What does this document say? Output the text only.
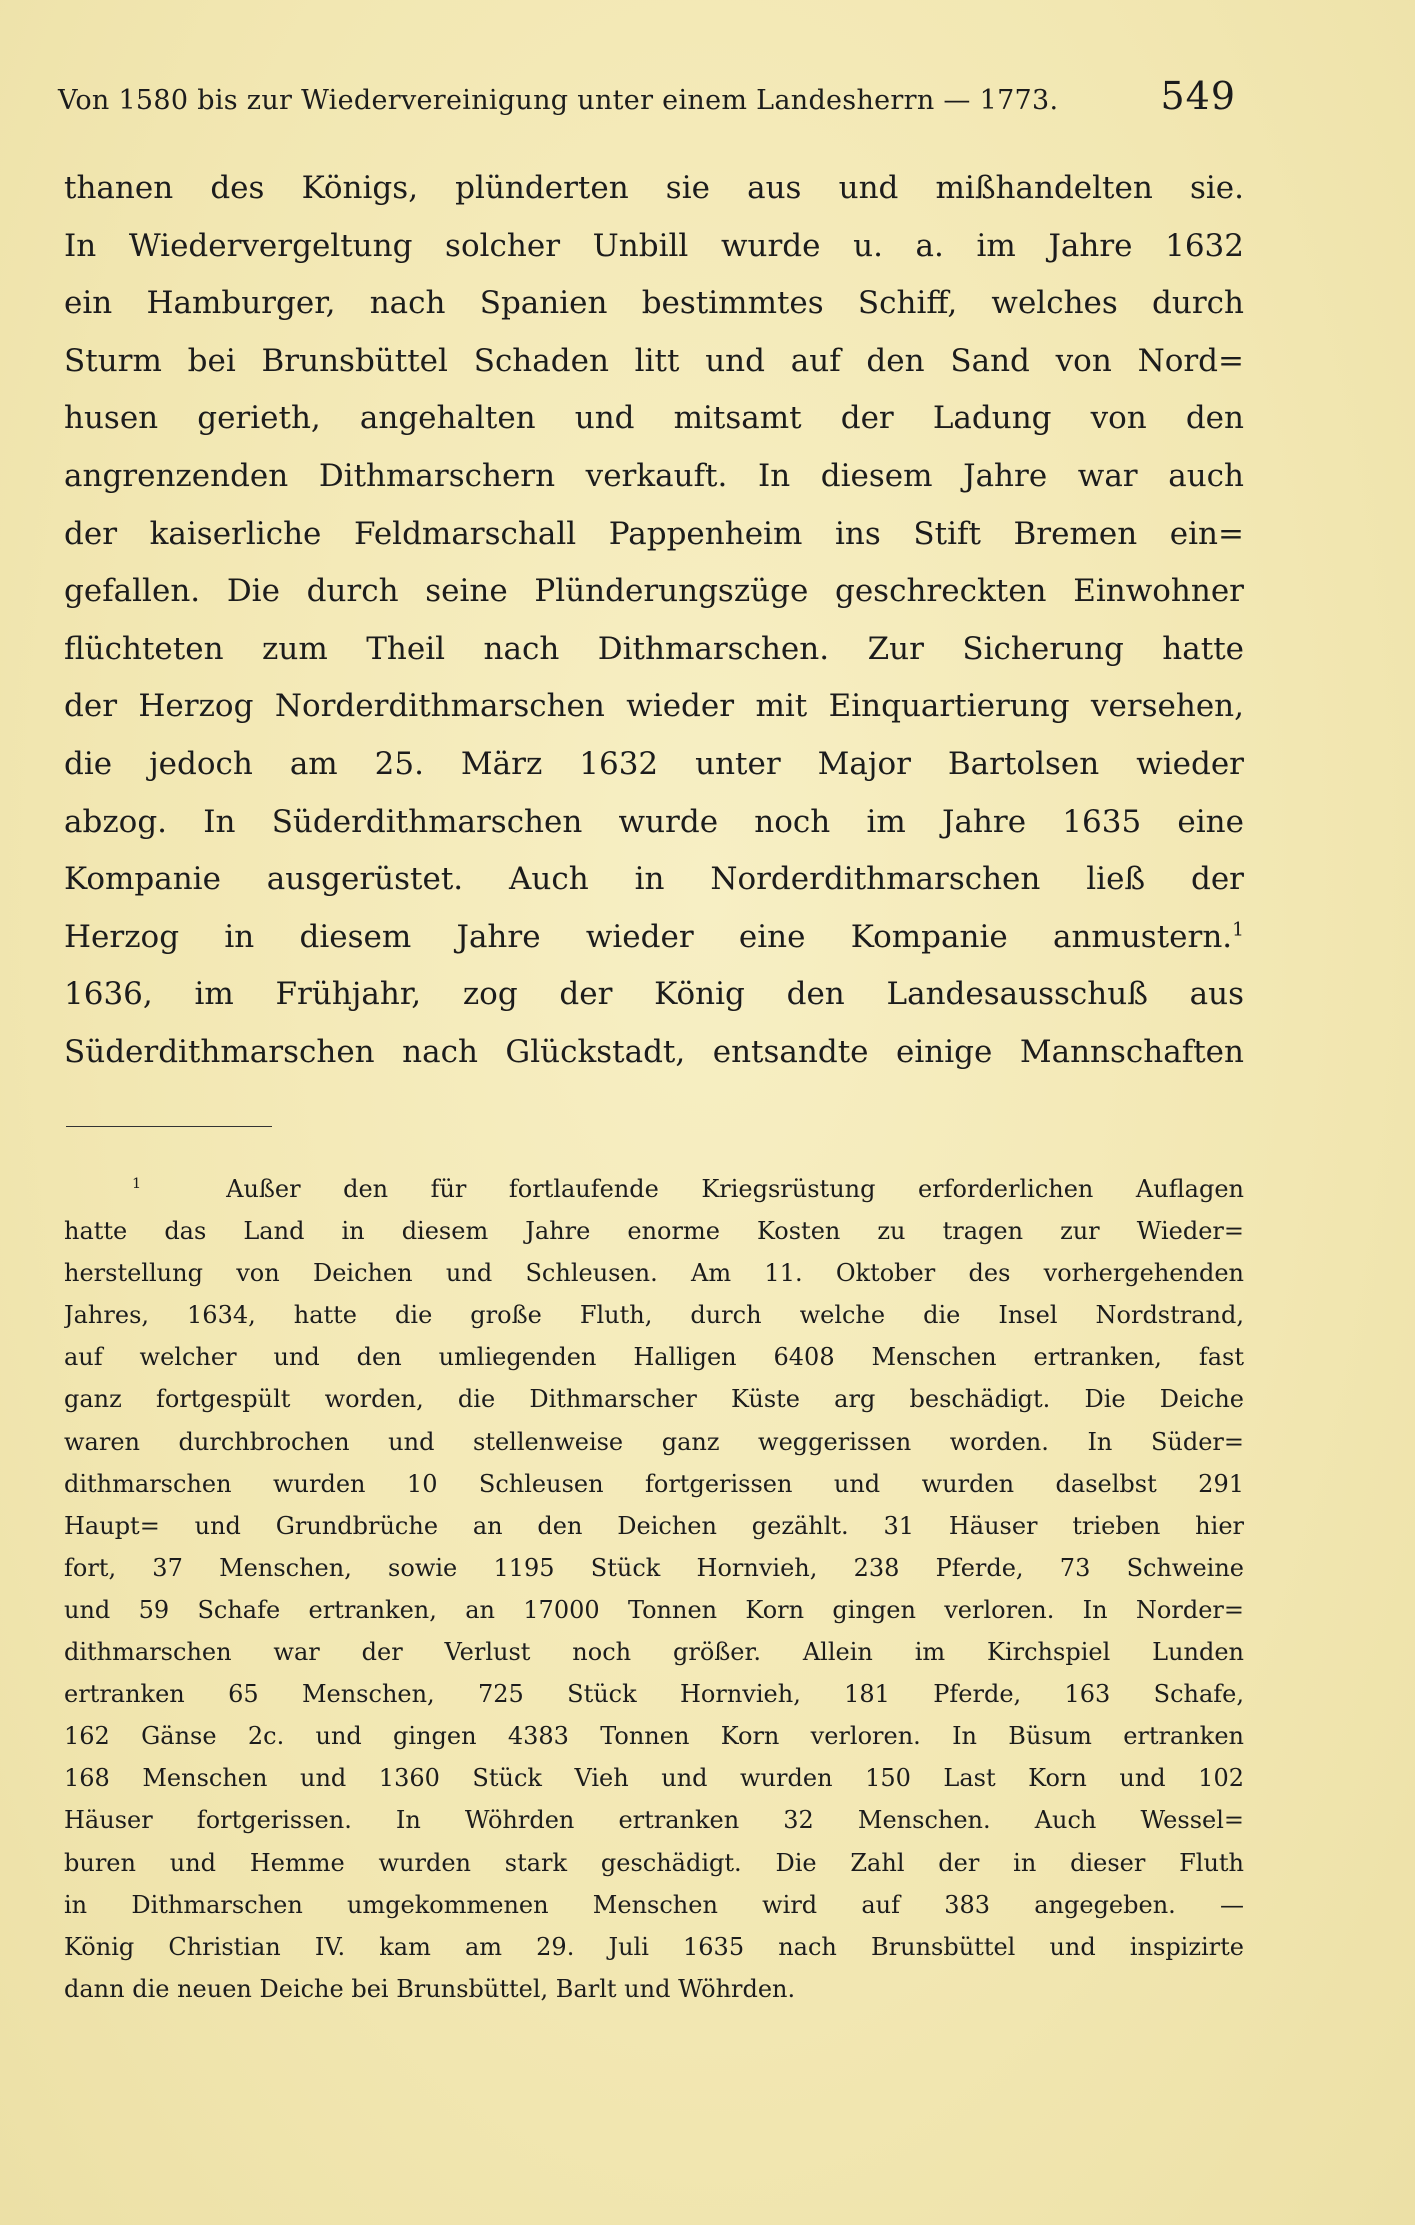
Von 1580 bis zur Wiedervereinigung unter einem Landesherrn — 1773.	549
thanen des Königs, plünderten sie aus und mißhandelten sie.
In Wiedervergeltung solcher Unbill wurde u. a. im Jahre 1632
ein Hamburger, nach Spanien bestimmtes Schiff, welches durch
Sturm bei Brunsbüttel Schaden litt und auf den Sand von Nord=
husen gerieth, angehalten und mitsamt der Ladung von den
angrenzenden Dithmarschern verkauft. In diesem Jahre war auch
der kaiserliche Feldmarschall Pappenheim ins Stift Bremen ein=
gefallen. Die durch seine Plünderungszüge geschreckten Einwohner
flüchteten zum Theil nach Dithmarschen. Zur Sicherung hatte
der Herzog Norderdithmarschen wieder mit Einquartierung versehen,
die jedoch am 25. März 1632 unter Major Bartolsen wieder
abzog. In Süderdithmarschen wurde noch im Jahre 1635 eine
Kompanie ausgerüstet. Auch in Norderdithmarschen ließ der
Herzog in diesem Jahre wieder eine Kompanie anmustern.$^1$
1636, im Frühjahr, zog der König den Landesausschuß aus
Süderdithmarschen nach Glückstadt, entsandte einige Mannschaften
$^1$	Außer den für fortlaufende Kriegsrüstung erforderlichen Auflagen
hatte das Land in diesem Jahre enorme Kosten zu tragen zur Wieder=
herstellung von Deichen und Schleusen. Am 11. Oktober des vorhergehenden
Jahres, 1634, hatte die große Fluth, durch welche die Insel Nordstrand,
auf welcher und den umliegenden Halligen 6408 Menschen ertranken, fast
ganz fortgespült worden, die Dithmarscher Küste arg beschädigt. Die Deiche
waren durchbrochen und stellenweise ganz weggerissen worden. In Süder=
dithmarschen wurden 10 Schleusen fortgerissen und wurden daselbst 291
Haupt= und Grundbrüche an den Deichen gezählt. 31 Häuser trieben hier
fort, 37 Menschen, sowie 1195 Stück Hornvieh, 238 Pferde, 73 Schweine
und 59 Schafe ertranken, an 17000 Tonnen Korn gingen verloren. In Norder=
dithmarschen war der Verlust noch größer. Allein im Kirchspiel Lunden
ertranken 65 Menschen, 725 Stück Hornvieh, 181 Pferde, 163 Schafe,
162 Gänse 2c. und gingen 4383 Tonnen Korn verloren. In Büsum ertranken
168 Menschen und 1360 Stück Vieh und wurden 150 Last Korn und 102
Häuser fortgerissen. In Wöhrden ertranken 32 Menschen. Auch Wessel=
buren und Hemme wurden stark geschädigt. Die Zahl der in dieser Fluth
in Dithmarschen umgekommenen Menschen wird auf 383 angegeben. —
König Christian IV. kam am 29. Juli 1635 nach Brunsbüttel und inspizirte
dann die neuen Deiche bei Brunsbüttel, Barlt und Wöhrden.
